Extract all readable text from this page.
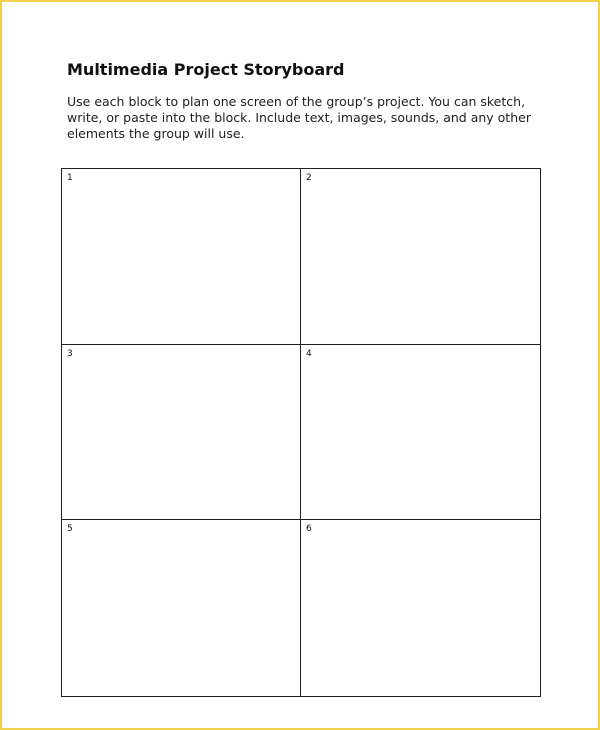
Multimedia Project Storyboard

Use each block to plan one screen of the group’s project. You can sketch, write, or paste into the block. Include text, images, sounds, and any other elements the group will use.

1	2
3	4
5	6
